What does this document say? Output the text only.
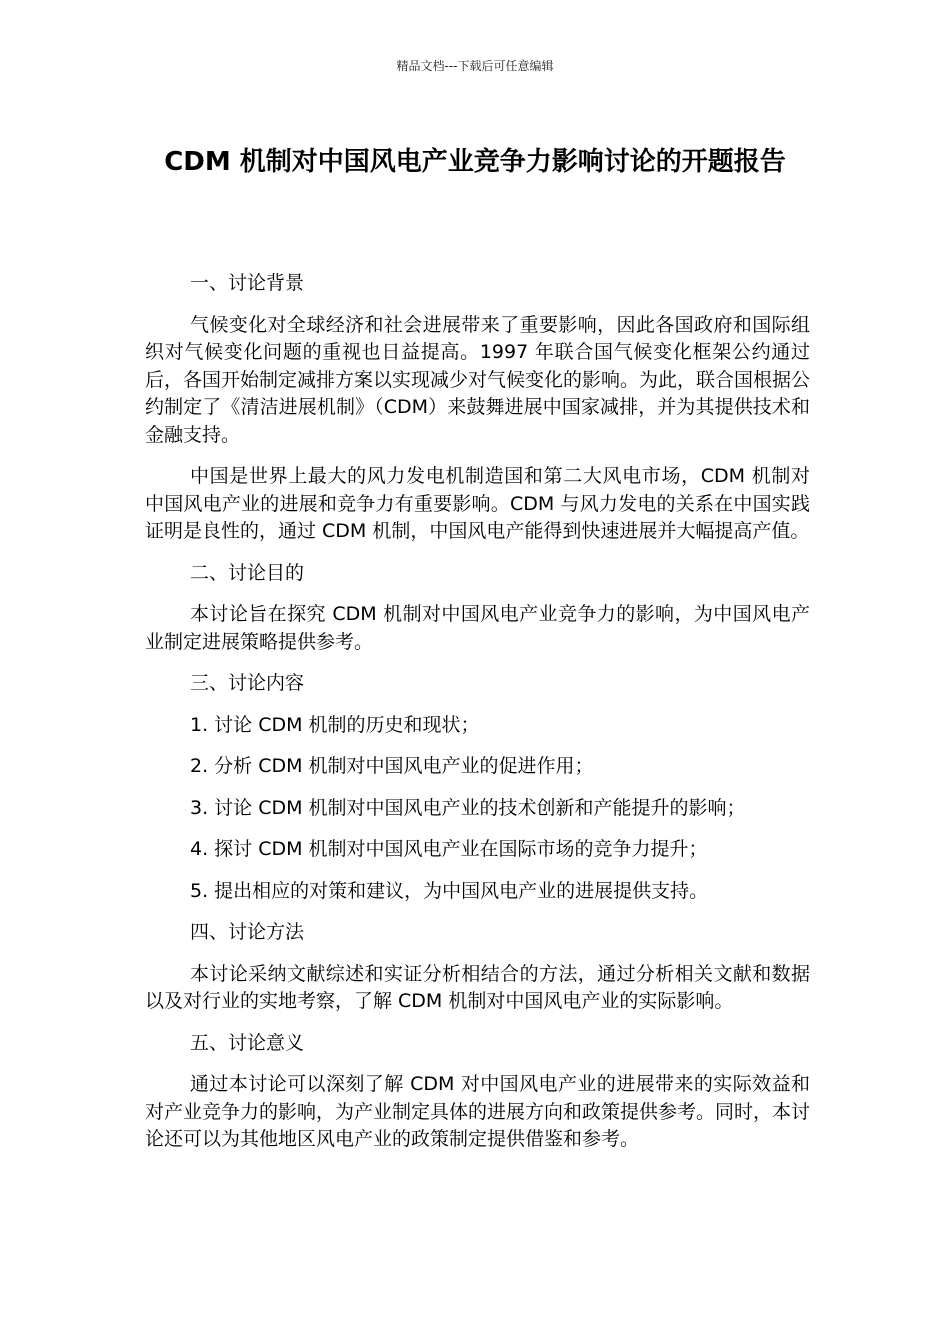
精品文档---下载后可任意编辑
CDM 机制对中国风电产业竞争力影响讨论的开题报告

一、讨论背景

气候变化对全球经济和社会进展带来了重要影响，因此各国政府和国际组织对气候变化问题的重视也日益提高。1997 年联合国气候变化框架公约通过后，各国开始制定减排方案以实现减少对气候变化的影响。为此，联合国根据公约制定了《清洁进展机制》（CDM）来鼓舞进展中国家减排，并为其提供技术和金融支持。

中国是世界上最大的风力发电机制造国和第二大风电市场，CDM 机制对中国风电产业的进展和竞争力有重要影响。CDM 与风力发电的关系在中国实践证明是良性的，通过 CDM 机制，中国风电产能得到快速进展并大幅提高产值。

二、讨论目的

本讨论旨在探究 CDM 机制对中国风电产业竞争力的影响，为中国风电产业制定进展策略提供参考。

三、讨论内容

1. 讨论 CDM 机制的历史和现状；

2. 分析 CDM 机制对中国风电产业的促进作用；

3. 讨论 CDM 机制对中国风电产业的技术创新和产能提升的影响；

4. 探讨 CDM 机制对中国风电产业在国际市场的竞争力提升；

5. 提出相应的对策和建议，为中国风电产业的进展提供支持。

四、讨论方法

本讨论采纳文献综述和实证分析相结合的方法，通过分析相关文献和数据以及对行业的实地考察，了解 CDM 机制对中国风电产业的实际影响。

五、讨论意义

通过本讨论可以深刻了解 CDM 对中国风电产业的进展带来的实际效益和对产业竞争力的影响，为产业制定具体的进展方向和政策提供参考。同时，本讨论还可以为其他地区风电产业的政策制定提供借鉴和参考。
